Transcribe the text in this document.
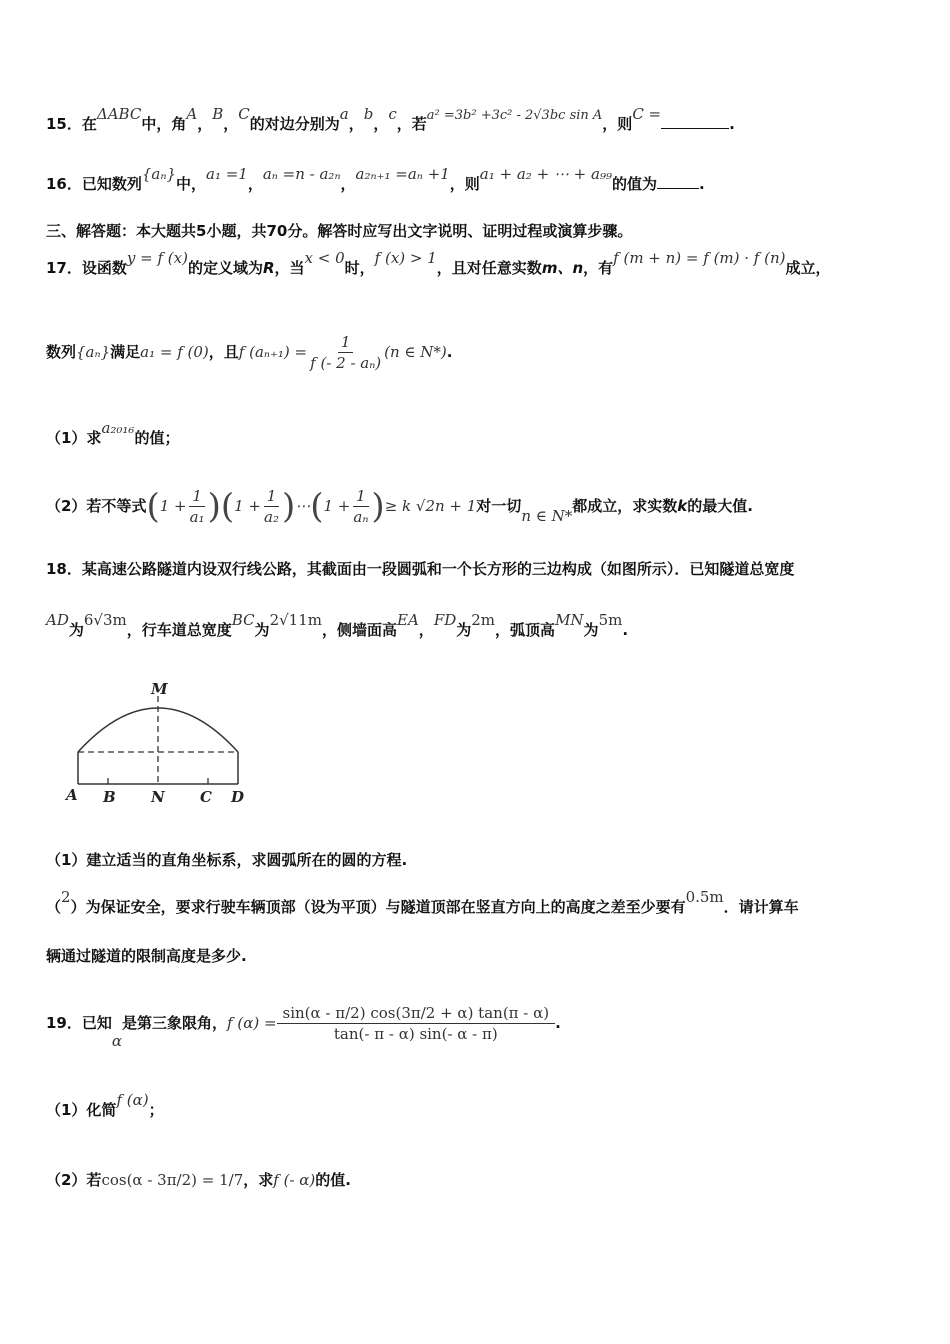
15．在ΔABC中，角A，B，C的对边分别为a，b，c，若a² =3b² +3c² - 2√3bc sin A，则C =.
16．已知数列{aₙ}中，a₁ =1，aₙ =n - a₂ₙ，a₂ₙ₊₁ =aₙ +1，则a₁ + a₂ + ⋯ + a₉₉的值为	.
三、解答题：本大题共5小题，共70分。解答时应写出文字说明、证明过程或演算步骤。
17．设函数y = f (x)的定义域为R，当x < 0时，f (x) > 1，且对任意实数m、n，有f (m + n) = f (m) · f (n)成立，
数列{aₙ}满足a₁ = f (0)，且f $(a_{n+1}) = \frac{1}{\text{f (- 2 - aₙ)}} (n$ ∈ N*).
（1）求a₂₀₁₆的值；
（2）若不等式$(1 + \frac{1}{\text{a₁}} )(1 + \frac{1}{\text{a₂}}$ )⋯(1 + $\frac{1}{\text{aₙ}}$ )≥ k √2n + 1对一切n ∈ N*都成立，求实数k的最大值.
18．某高速公路隧道内设双行线公路，其截面由一段圆弧和一个长方形的三边构成（如图所示）．已知隧道总宽度
AD为6√3m，行车道总宽度BC为2√11m，侧墙面高EA，FD为2m，弧顶高MN为5m.
M
A B N C D
（1）建立适当的直角坐标系，求圆弧所在的圆的方程.
（2）为保证安全，要求行驶车辆顶部（设为平顶）与隧道顶部在竖直方向上的高度之差至少要有0.5m．请计算车
辆通过隧道的限制高度是多少.
19．已知α是第三象限角，f $(\alpha) = \frac{\sin(\alpha - \pi/2) \cos(3\pi/2 + \alpha) \tan(\pi - \alpha)}{\tan(- \pi - \alpha) \sin(- \alpha - \pi)}$ .
（1）化简f (α)；
（2）若cos(α - 3π/2) = 1/7，求f (- α)的值.
